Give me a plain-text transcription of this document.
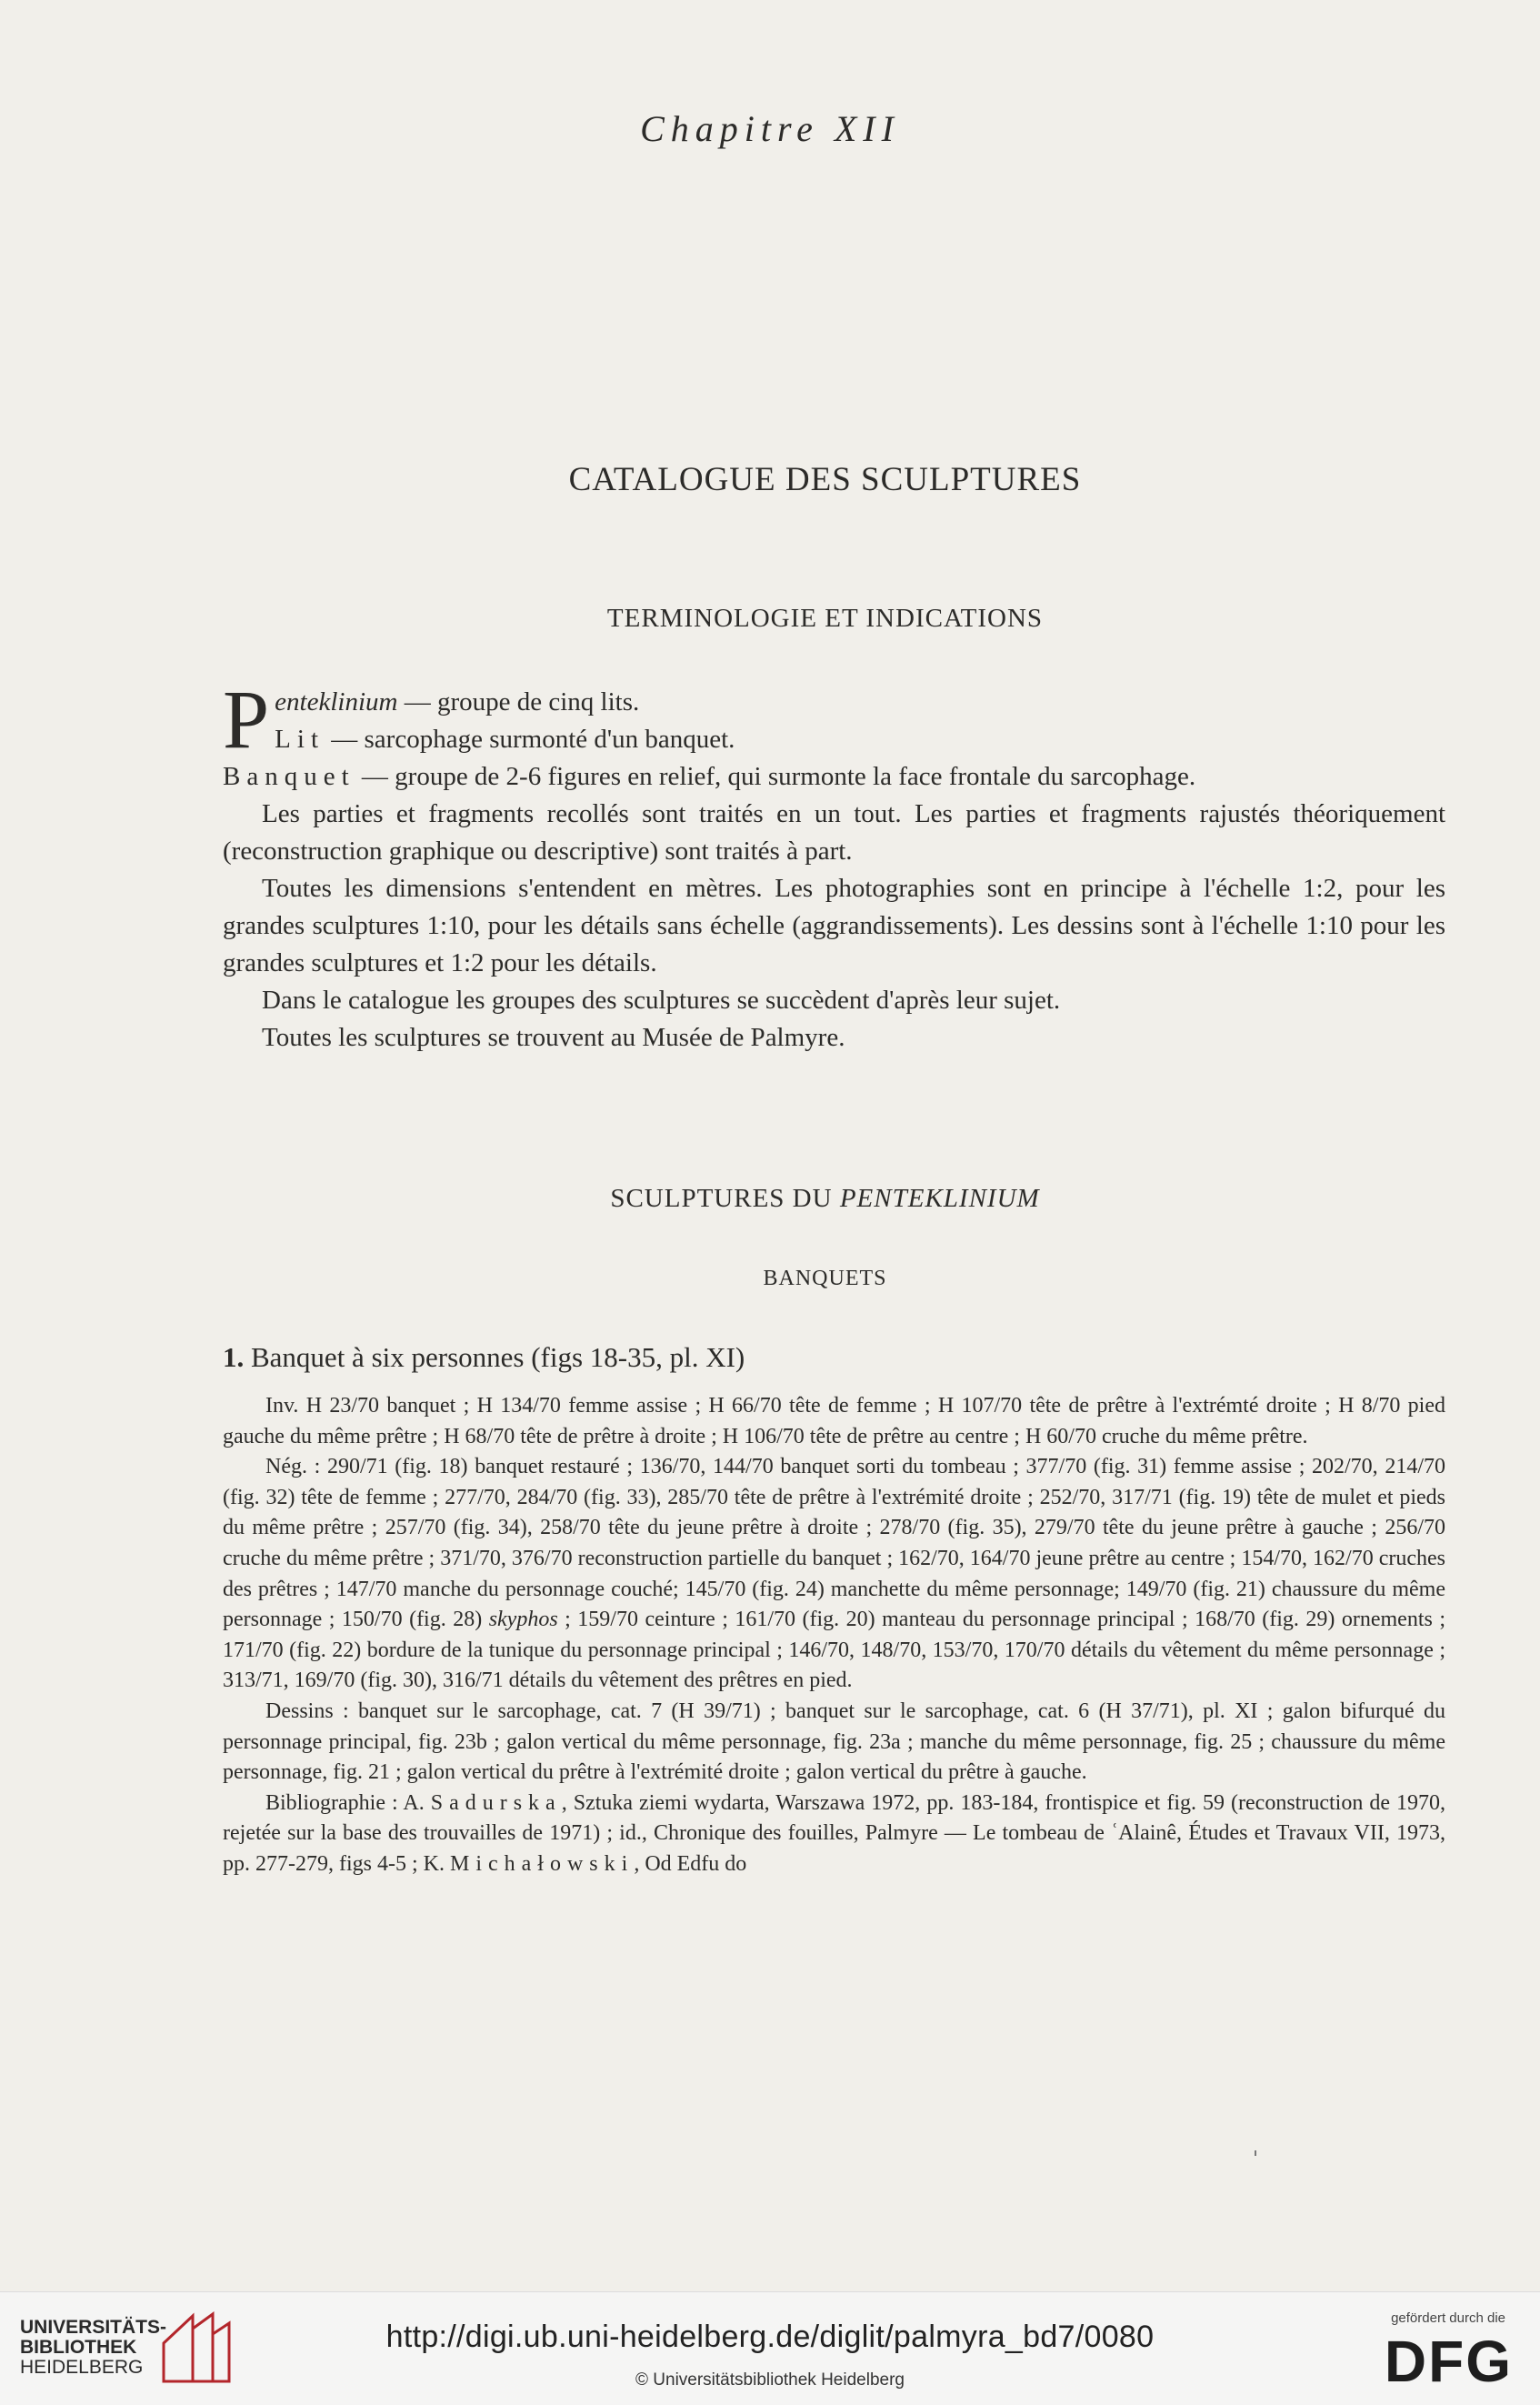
Chapitre XII
CATALOGUE DES SCULPTURES
TERMINOLOGIE ET INDICATIONS

Penteklinium — groupe de cinq lits.

Lit — sarcophage surmonté d'un banquet.

Banquet — groupe de 2-6 figures en relief, qui surmonte la face frontale du sarcophage.

Les parties et fragments recollés sont traités en un tout. Les parties et fragments rajustés théoriquement (reconstruction graphique ou descriptive) sont traités à part.

Toutes les dimensions s'entendent en mètres. Les photographies sont en principe à l'échelle 1:2, pour les grandes sculptures 1:10, pour les détails sans échelle (aggrandissements). Les dessins sont à l'échelle 1:10 pour les grandes sculptures et 1:2 pour les détails.

Dans le catalogue les groupes des sculptures se succèdent d'après leur sujet.

Toutes les sculptures se trouvent au Musée de Palmyre.

SCULPTURES DU PENTEKLINIUM
BANQUETS
1. Banquet à six personnes (figs 18-35, pl. XI)

Inv. H 23/70 banquet ; H 134/70 femme assise ; H 66/70 tête de femme ; H 107/70 tête de prêtre à l'extrémté droite ; H 8/70 pied gauche du même prêtre ; H 68/70 tête de prêtre à droite ; H 106/70 tête de prêtre au centre ; H 60/70 cruche du même prêtre.

Nég. : 290/71 (fig. 18) banquet restauré ; 136/70, 144/70 banquet sorti du tombeau ; 377/70 (fig. 31) femme assise ; 202/70, 214/70 (fig. 32) tête de femme ; 277/70, 284/70 (fig. 33), 285/70 tête de prêtre à l'extrémité droite ; 252/70, 317/71 (fig. 19) tête de mulet et pieds du même prêtre ; 257/70 (fig. 34), 258/70 tête du jeune prêtre à droite ; 278/70 (fig. 35), 279/70 tête du jeune prêtre à gauche ; 256/70 cruche du même prêtre ; 371/70, 376/70 reconstruction partielle du banquet ; 162/70, 164/70 jeune prêtre au centre ; 154/70, 162/70 cruches des prêtres ; 147/70 manche du personnage couché; 145/70 (fig. 24) manchette du même personnage; 149/70 (fig. 21) chaussure du même personnage ; 150/70 (fig. 28) skyphos ; 159/70 ceinture ; 161/70 (fig. 20) manteau du personnage principal ; 168/70 (fig. 29) ornements ; 171/70 (fig. 22) bordure de la tunique du personnage principal ; 146/70, 148/70, 153/70, 170/70 détails du vêtement du même personnage ; 313/71, 169/70 (fig. 30), 316/71 détails du vêtement des prêtres en pied.

Dessins : banquet sur le sarcophage, cat. 7 (H 39/71) ; banquet sur le sarcophage, cat. 6 (H 37/71), pl. XI ; galon bifurqué du personnage principal, fig. 23b ; galon vertical du même personnage, fig. 23a ; manche du même personnage, fig. 25 ; chaussure du même personnage, fig. 21 ; galon vertical du prêtre à l'extrémité droite ; galon vertical du prêtre à gauche.

Bibliographie : A. Sadurska, Sztuka ziemi wydarta, Warszawa 1972, pp. 183-184, frontispice et fig. 59 (reconstruction de 1970, rejetée sur la base des trouvailles de 1971) ; id., Chronique des fouilles, Palmyre — Le tombeau de ʿAlainê, Études et Travaux VII, 1973, pp. 277-279, figs 4-5 ; K. Michałowski, Od Edfu do

UNIVERSITÄTS-
BIBLIOTHEK
HEIDELBERG
http://digi.ub.uni-heidelberg.de/diglit/palmyra_bd7/0080
© Universitätsbibliothek Heidelberg
gefördert durch die
DFG
